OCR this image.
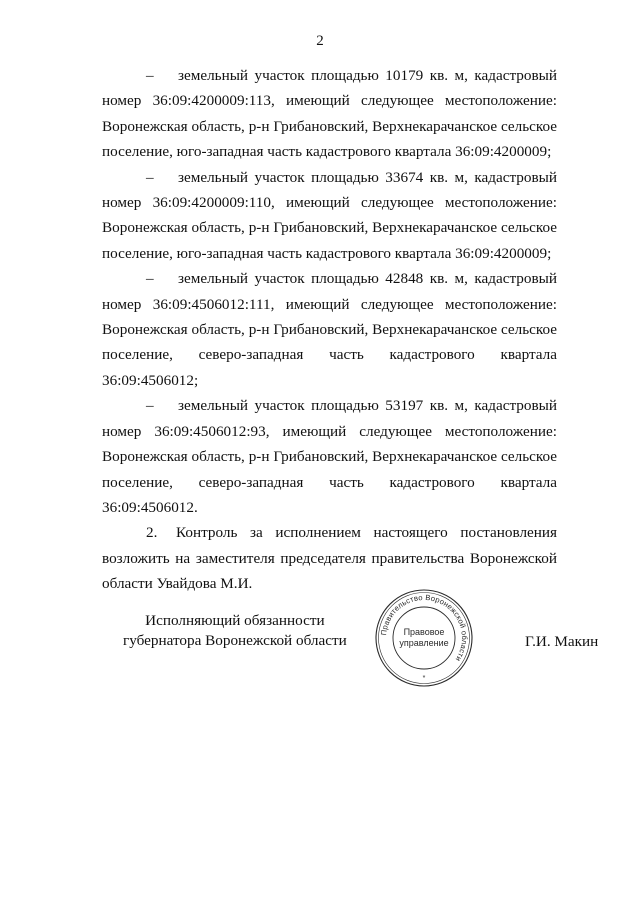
2

– земельный участок площадью 10179 кв. м, кадастровый номер 36:09:4200009:113, имеющий следующее местоположение: Воронежская область, р-н Грибановский, Верхнекарачанское сельское поселение, юго-западная часть кадастрового квартала 36:09:4200009;

– земельный участок площадью 33674 кв. м, кадастровый номер 36:09:4200009:110, имеющий следующее местоположение: Воронежская область, р-н Грибановский, Верхнекарачанское сельское поселение, юго-западная часть кадастрового квартала 36:09:4200009;

– земельный участок площадью 42848 кв. м, кадастровый номер 36:09:4506012:111, имеющий следующее местоположение: Воронежская область, р-н Грибановский, Верхнекарачанское сельское поселение, северо-западная часть кадастрового квартала 36:09:4506012;

– земельный участок площадью 53197 кв. м, кадастровый номер 36:09:4506012:93, имеющий следующее местоположение: Воронежская область, р-н Грибановский, Верхнекарачанское сельское поселение, северо-западная часть кадастрового квартала 36:09:4506012.

2. Контроль за исполнением настоящего постановления возложить на заместителя председателя правительства Воронежской области Увайдова М.И.

Исполняющий обязанности
губернатора Воронежской области	Правительство Воронежской области
Правовое
управление
*
Г.И. Макин
